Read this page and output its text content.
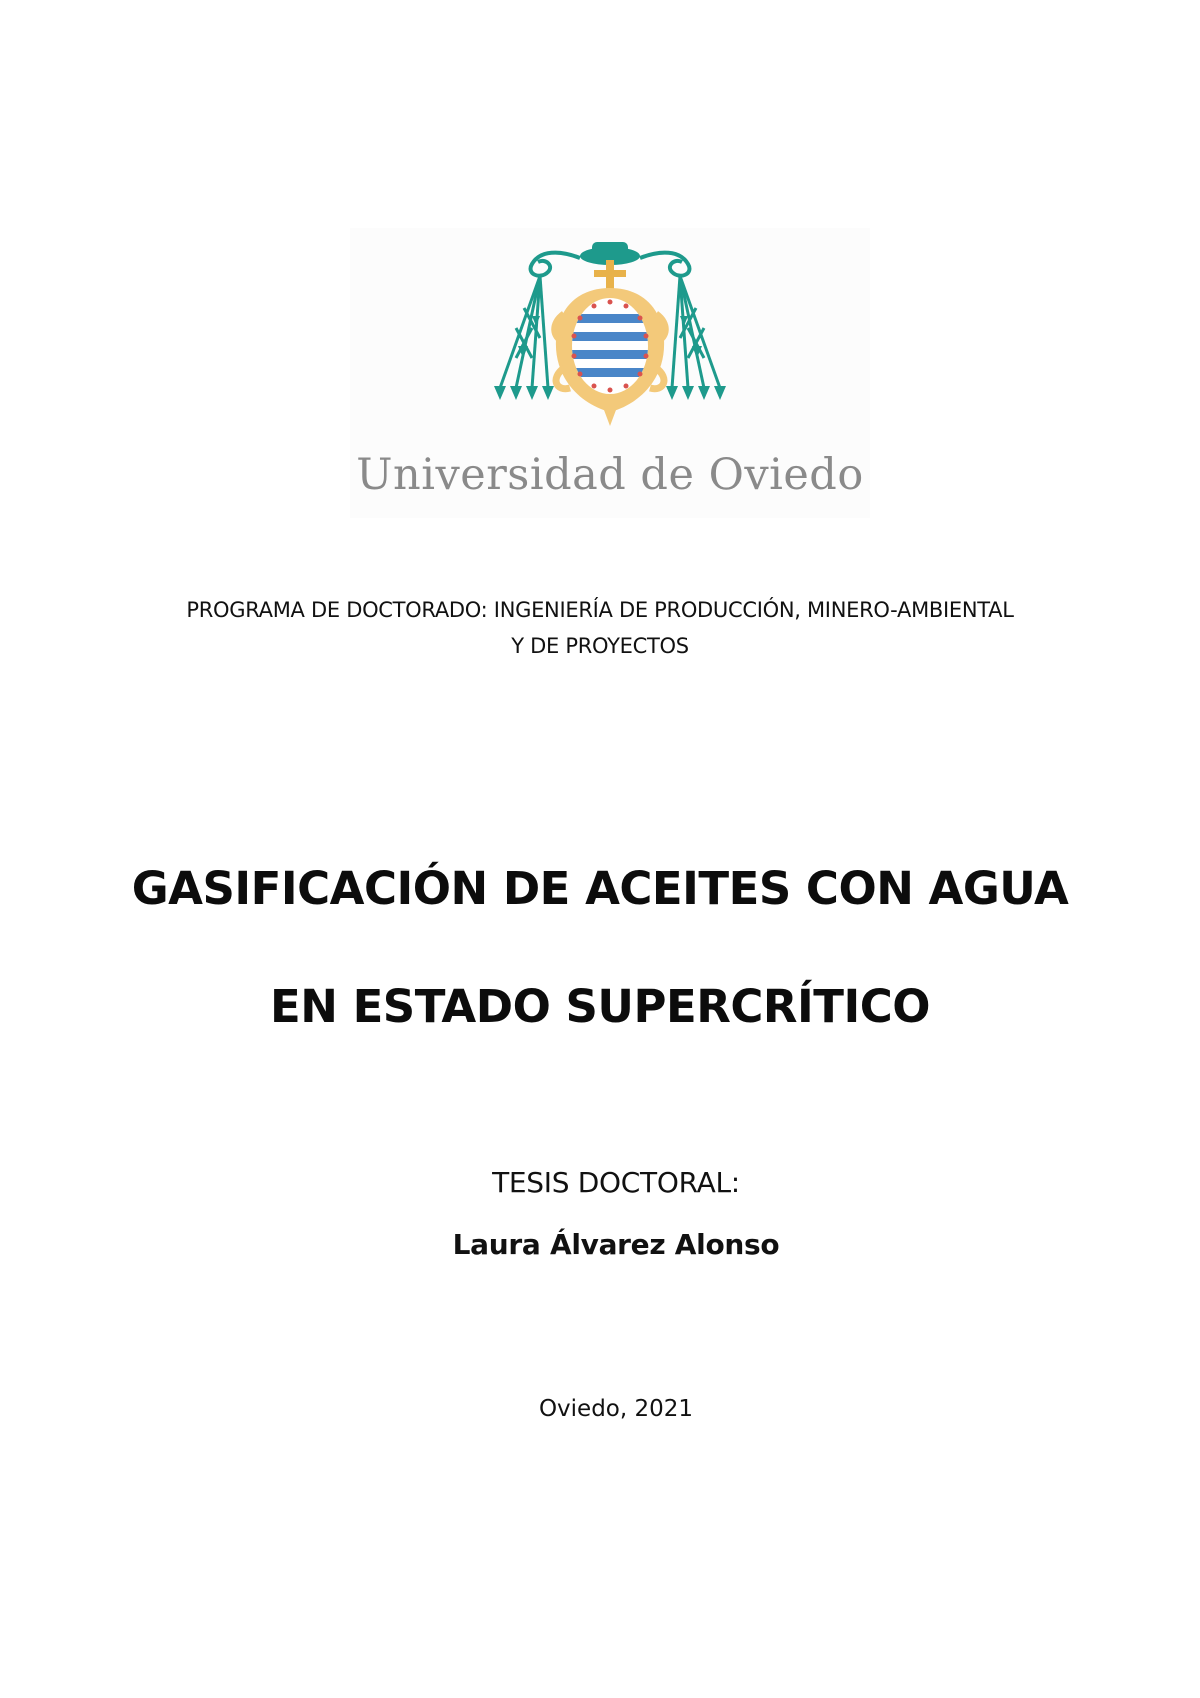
Universidad de Oviedo
PROGRAMA DE DOCTORADO: INGENIERÍA DE PRODUCCIÓN, MINERO-AMBIENTAL
Y DE PROYECTOS
GASIFICACIÓN DE ACEITES CON AGUA
EN ESTADO SUPERCRÍTICO
TESIS DOCTORAL:
Laura Álvarez Alonso
Oviedo, 2021
